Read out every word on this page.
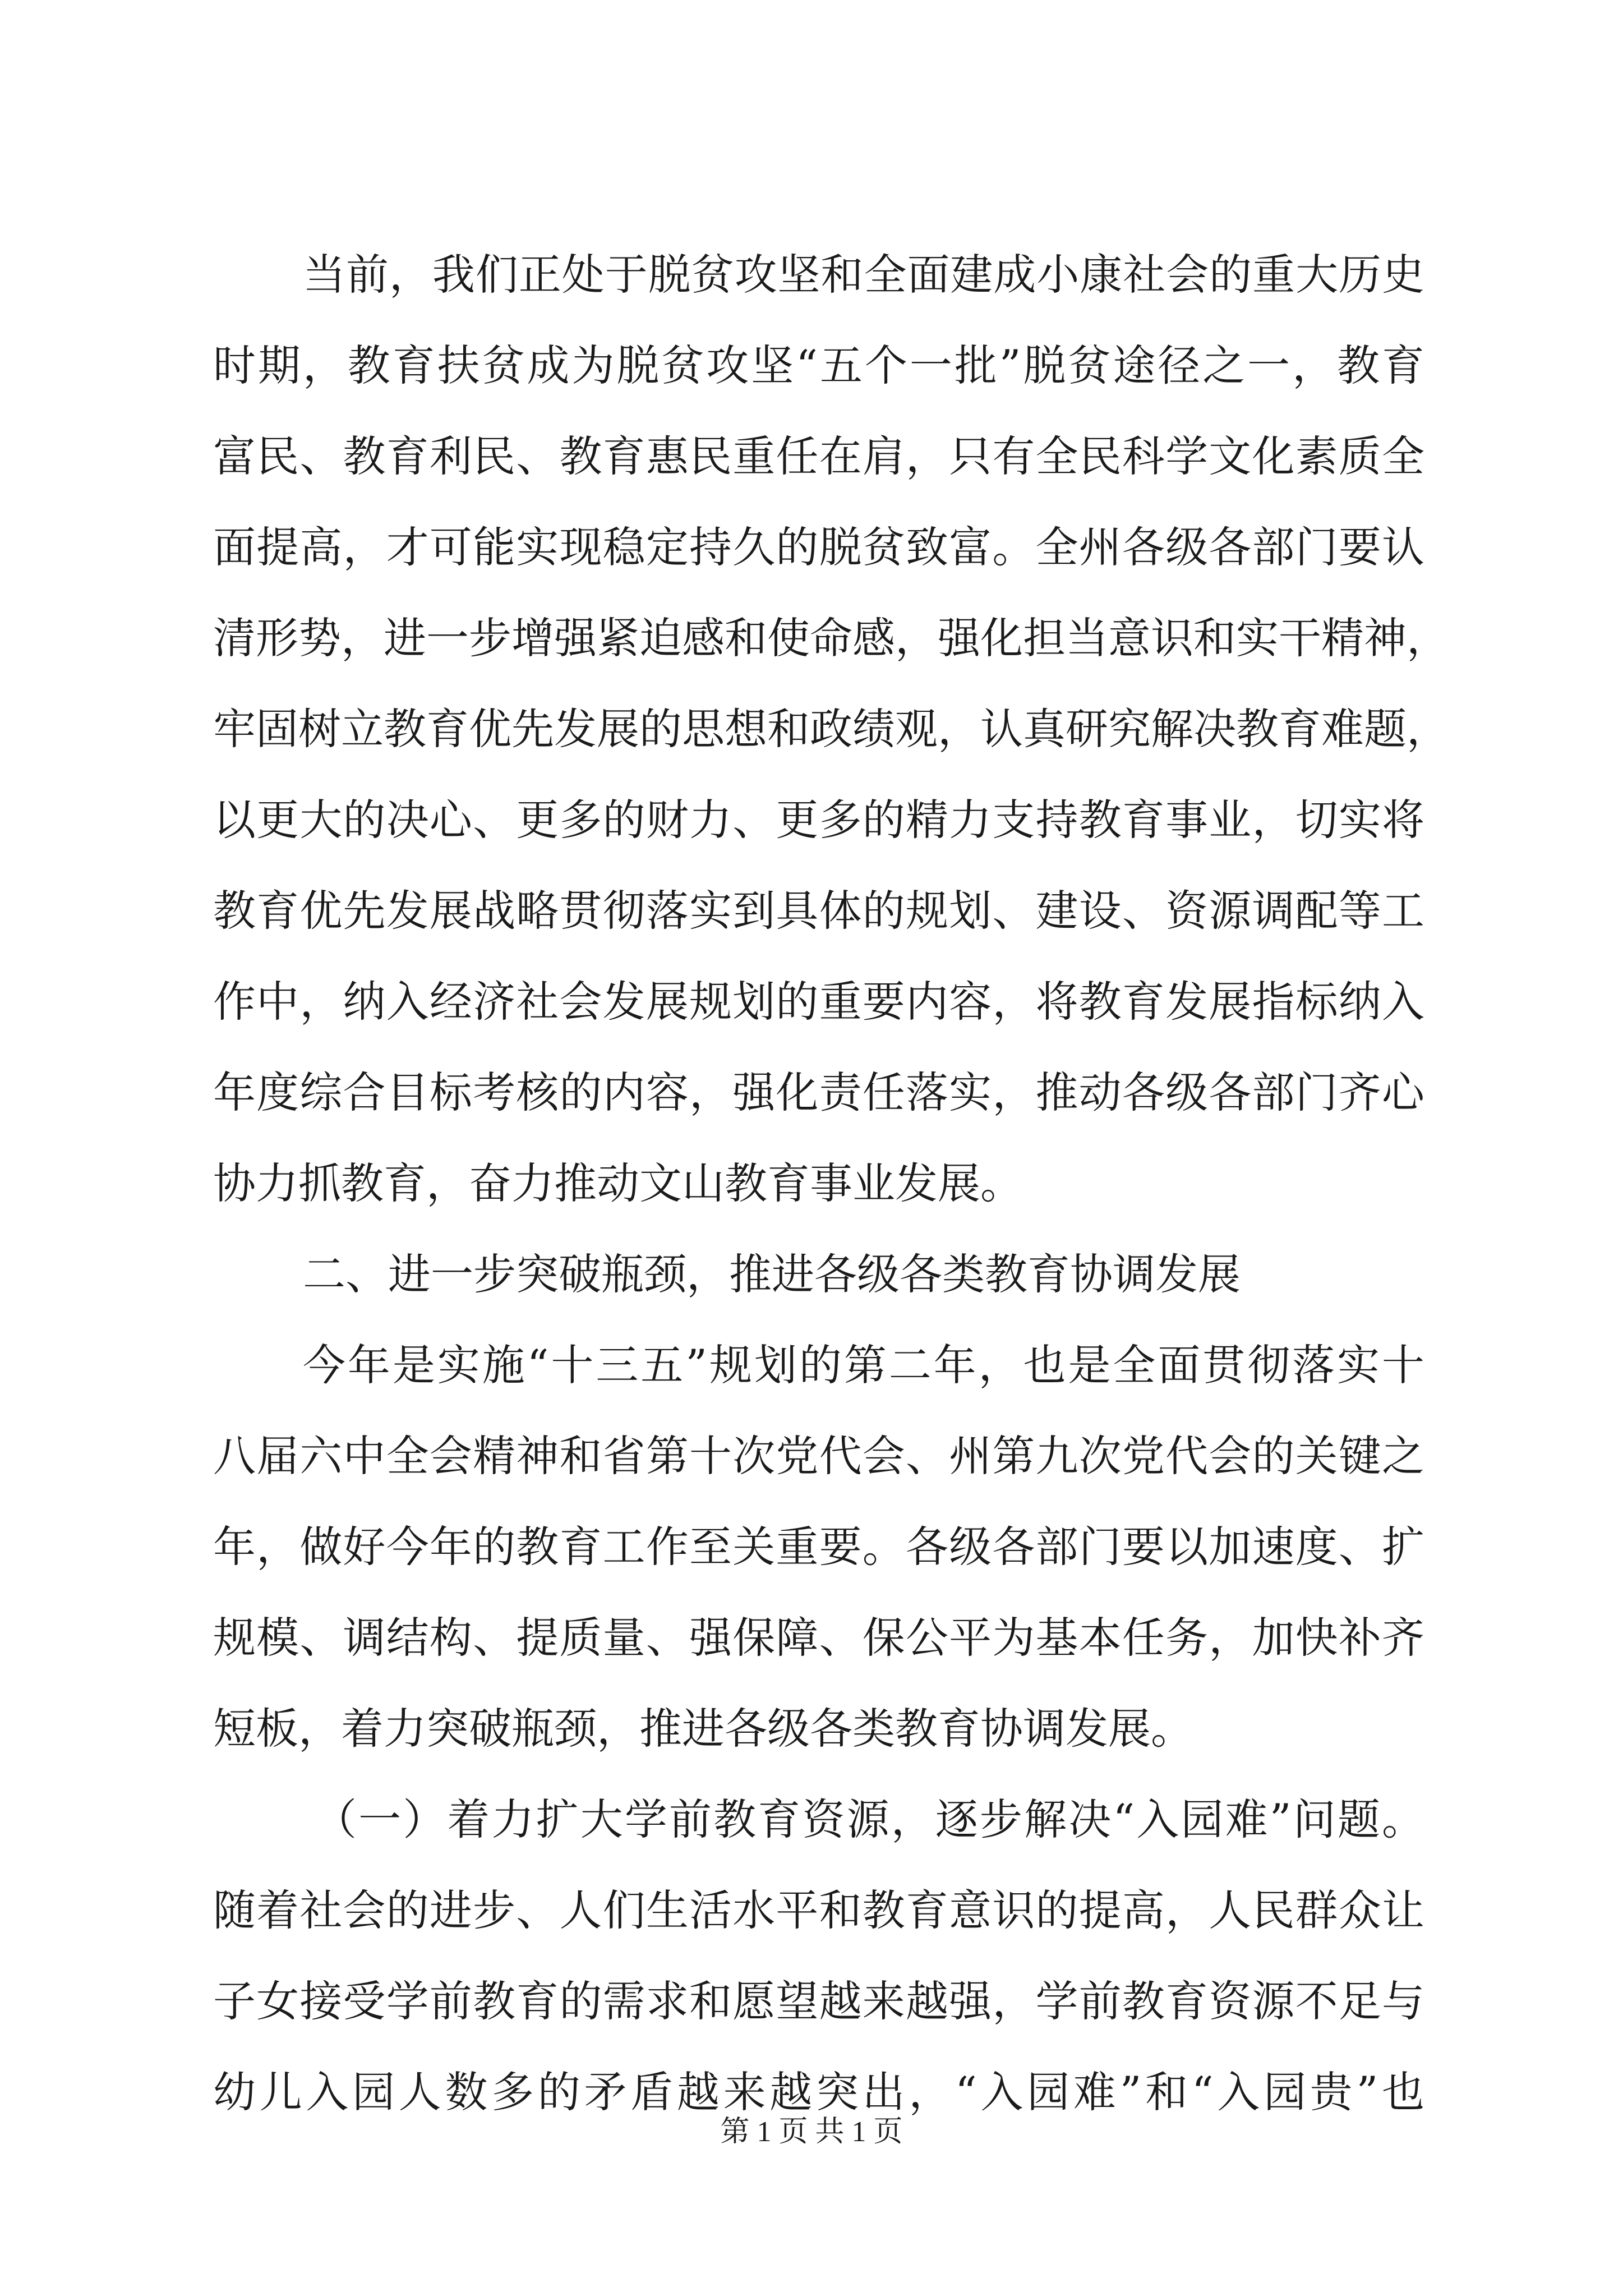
当前，我们正处于脱贫攻坚和全面建成小康社会的重大历史
时期，教育扶贫成为脱贫攻坚“五个一批”脱贫途径之一，教育
富民、教育利民、教育惠民重任在肩，只有全民科学文化素质全
面提高，才可能实现稳定持久的脱贫致富。全州各级各部门要认
清形势，进一步增强紧迫感和使命感，强化担当意识和实干精神，
牢固树立教育优先发展的思想和政绩观，认真研究解决教育难题，
以更大的决心、更多的财力、更多的精力支持教育事业，切实将
教育优先发展战略贯彻落实到具体的规划、建设、资源调配等工
作中，纳入经济社会发展规划的重要内容，将教育发展指标纳入
年度综合目标考核的内容，强化责任落实，推动各级各部门齐心
协力抓教育，奋力推动文山教育事业发展。
二、进一步突破瓶颈，推进各级各类教育协调发展
今年是实施“十三五”规划的第二年，也是全面贯彻落实十
八届六中全会精神和省第十次党代会、州第九次党代会的关键之
年，做好今年的教育工作至关重要。各级各部门要以加速度、扩
规模、调结构、提质量、强保障、保公平为基本任务，加快补齐
短板，着力突破瓶颈，推进各级各类教育协调发展。
（一）着力扩大学前教育资源，逐步解决“入园难”问题。
随着社会的进步、人们生活水平和教育意识的提高，人民群众让
子女接受学前教育的需求和愿望越来越强，学前教育资源不足与
幼儿入园人数多的矛盾越来越突出，“入园难”和“入园贵”也
第 1 页 共 1 页
